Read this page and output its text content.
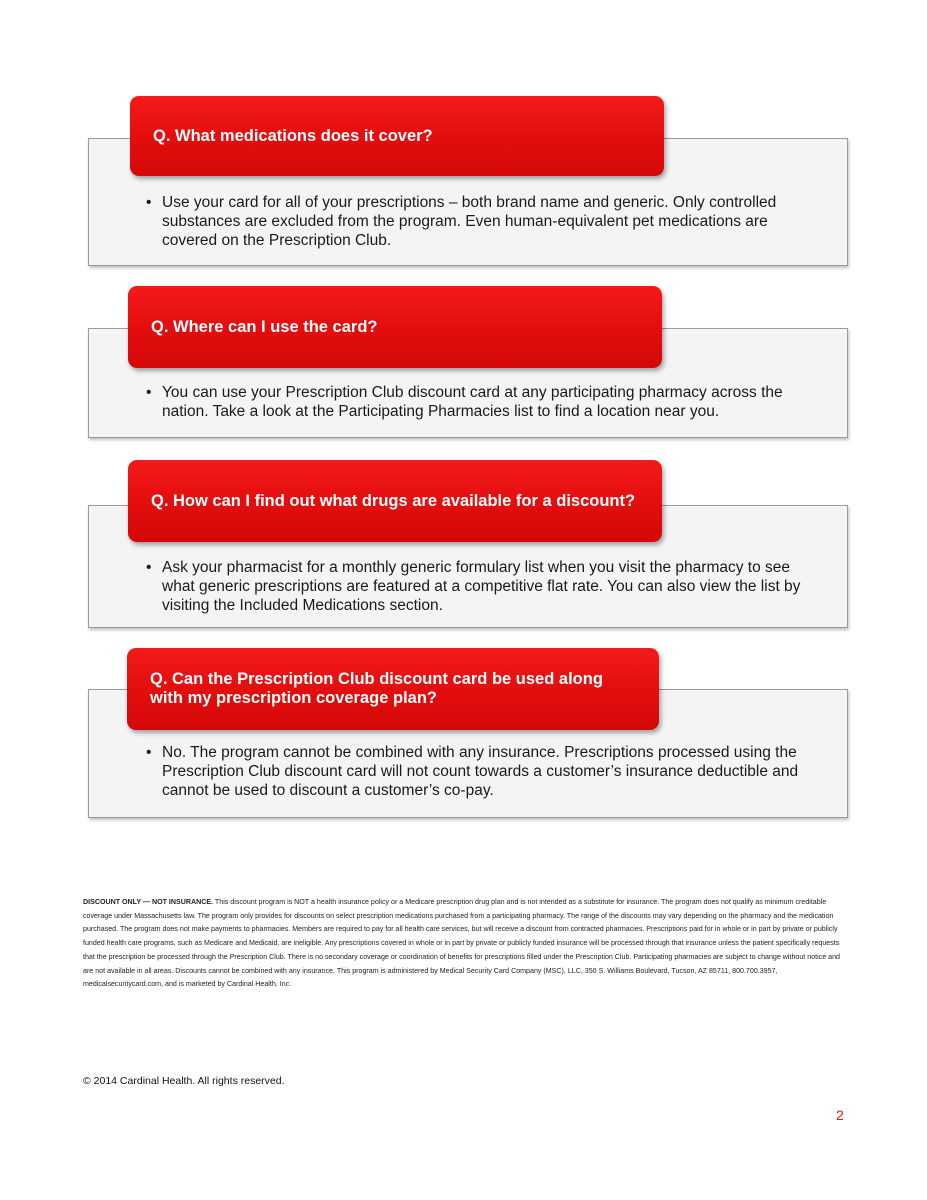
Q. What medications does it cover?
• Use your card for all of your prescriptions – both brand name and generic. Only controlled substances are excluded from the program. Even human-equivalent pet medications are covered on the Prescription Club.
Q. Where can I use the card?
• You can use your Prescription Club discount card at any participating pharmacy across the nation. Take a look at the Participating Pharmacies list to find a location near you.
Q. How can I find out what drugs are available for a discount?
• Ask your pharmacist for a monthly generic formulary list when you visit the pharmacy to see what generic prescriptions are featured at a competitive flat rate. You can also view the list by visiting the Included Medications section.
Q. Can the Prescription Club discount card be used along with my prescription coverage plan?
• No. The program cannot be combined with any insurance. Prescriptions processed using the Prescription Club discount card will not count towards a customer’s insurance deductible and cannot be used to discount a customer’s co-pay.
DISCOUNT ONLY — NOT INSURANCE. This discount program is NOT a health insurance policy or a Medicare prescription drug plan and is not intended as a substitute for insurance. The program does not qualify as minimum creditable coverage under Massachusetts law. The program only provides for discounts on select prescription medications purchased from a participating pharmacy. The range of the discounts may vary depending on the pharmacy and the medication purchased. The program does not make payments to pharmacies. Members are required to pay for all health care services, but will receive a discount from contracted pharmacies. Prescriptions paid for in whole or in part by private or publicly funded health care programs, such as Medicare and Medicaid, are ineligible. Any prescriptions covered in whole or in part by private or publicly funded insurance will be processed through that insurance unless the patient specifically requests that the prescription be processed through the Prescription Club. There is no secondary coverage or coordination of benefits for prescriptions filled under the Prescription Club. Participating pharmacies are subject to change without notice and are not available in all areas. Discounts cannot be combined with any insurance. This program is administered by Medical Security Card Company (MSC), LLC, 350 S. Williams Boulevard, Tucson, AZ 85711, 800.700.3957, medicalsecuritycard.com, and is marketed by Cardinal Health, Inc.
© 2014 Cardinal Health. All rights reserved.
2
